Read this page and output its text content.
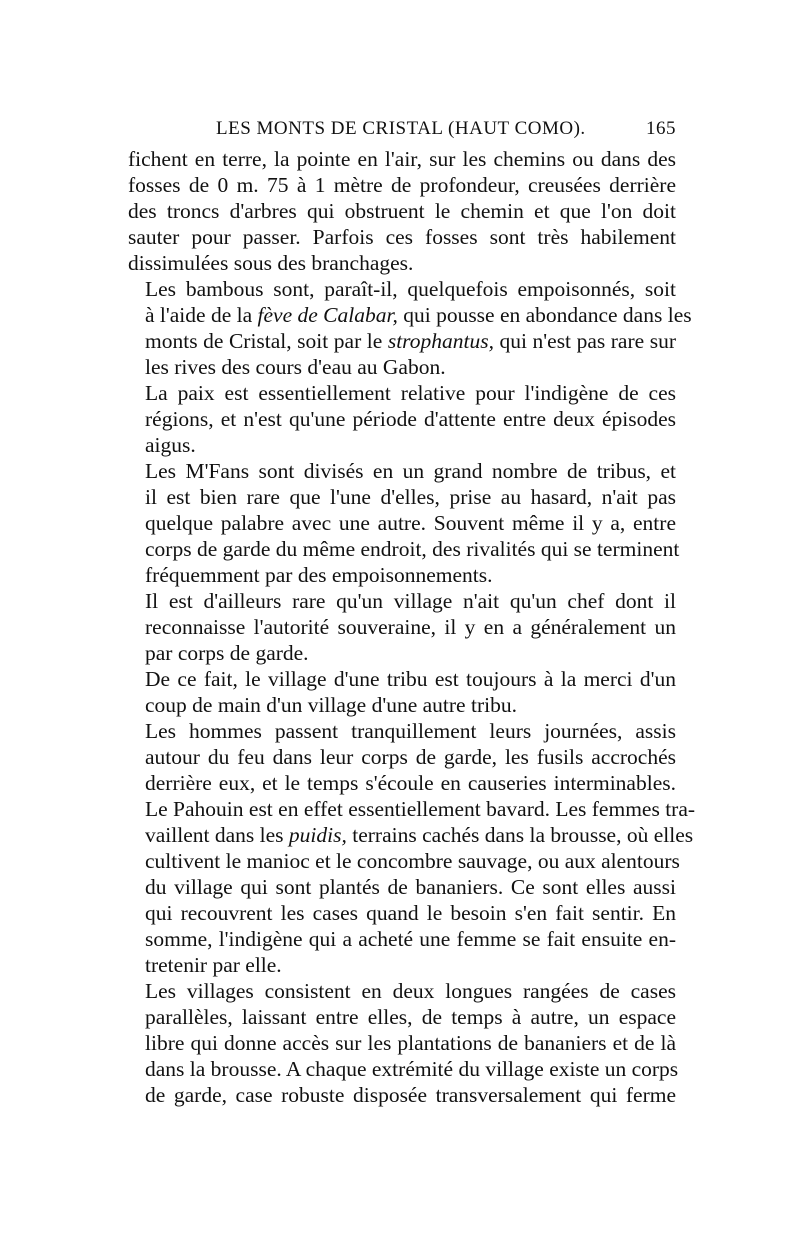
LES MONTS DE CRISTAL (HAUT COMO).	165

fichent en terre, la pointe en l'air, sur les chemins ou dans des
fosses de 0 m. 75 à 1 mètre de profondeur, creusées derrière
des troncs d'arbres qui obstruent le chemin et que l'on doit
sauter pour passer. Parfois ces fosses sont très habilement
dissimulées sous des branchages.

Les bambous sont, paraît-il, quelquefois empoisonnés, soit
à l'aide de la fève de Calabar, qui pousse en abondance dans les
monts de Cristal, soit par le strophantus, qui n'est pas rare sur
les rives des cours d'eau au Gabon.

La paix est essentiellement relative pour l'indigène de ces
régions, et n'est qu'une période d'attente entre deux épisodes
aigus.

Les M'Fans sont divisés en un grand nombre de tribus, et
il est bien rare que l'une d'elles, prise au hasard, n'ait pas
quelque palabre avec une autre. Souvent même il y a, entre
corps de garde du même endroit, des rivalités qui se terminent
fréquemment par des empoisonnements.

Il est d'ailleurs rare qu'un village n'ait qu'un chef dont il
reconnaisse l'autorité souveraine, il y en a généralement un
par corps de garde.

De ce fait, le village d'une tribu est toujours à la merci d'un
coup de main d'un village d'une autre tribu.

Les hommes passent tranquillement leurs journées, assis
autour du feu dans leur corps de garde, les fusils accrochés
derrière eux, et le temps s'écoule en causeries interminables.
Le Pahouin est en effet essentiellement bavard. Les femmes tra-
vaillent dans les puidis, terrains cachés dans la brousse, où elles
cultivent le manioc et le concombre sauvage, ou aux alentours
du village qui sont plantés de bananiers. Ce sont elles aussi
qui recouvrent les cases quand le besoin s'en fait sentir. En
somme, l'indigène qui a acheté une femme se fait ensuite en-
tretenir par elle.

Les villages consistent en deux longues rangées de cases
parallèles, laissant entre elles, de temps à autre, un espace
libre qui donne accès sur les plantations de bananiers et de là
dans la brousse. A chaque extrémité du village existe un corps
de garde, case robuste disposée transversalement qui ferme
